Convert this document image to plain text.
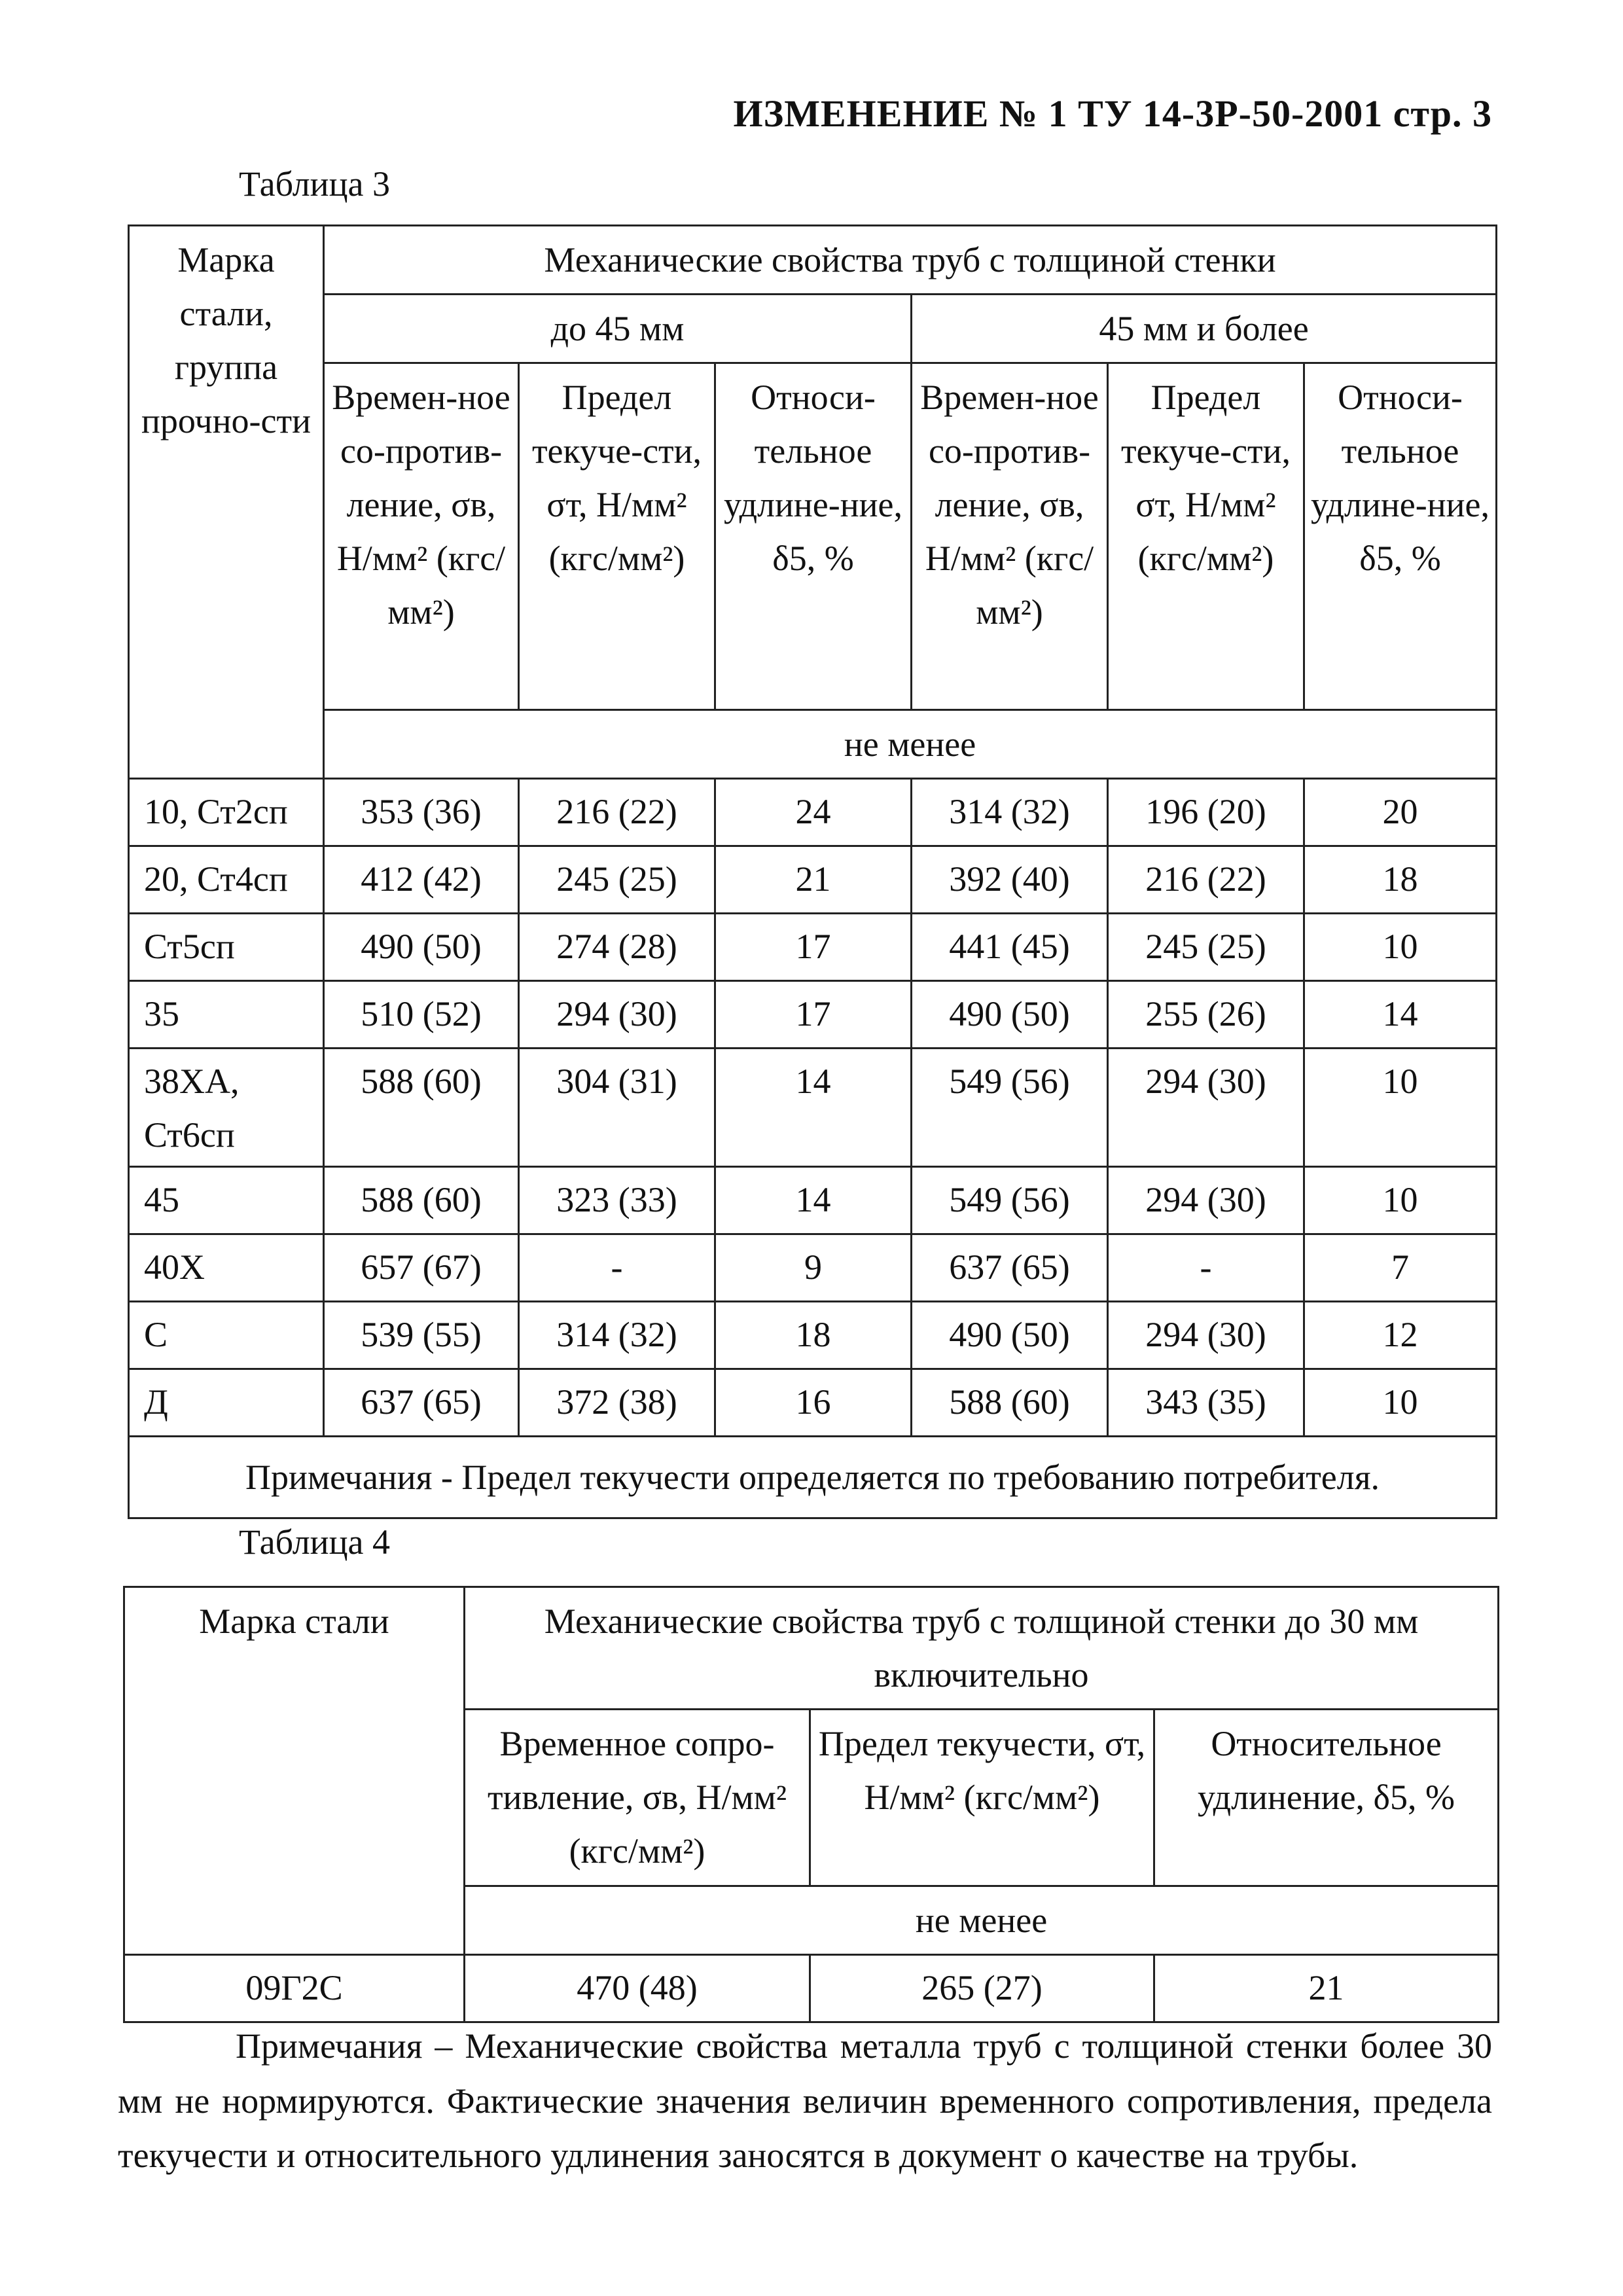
ИЗМЕНЕНИЕ № 1 ТУ 14-3Р-50-2001 стр. 3
Таблица 3
Марка стали, группа прочно-сти	Механические свойства труб с толщиной стенки					
	до 45 мм			45 мм и более		
	Времен-ное со-против-ление, σв, Н/мм² (кгс/мм²)	Предел текуче-сти, σт, Н/мм² (кгс/мм²)	Относи-тельное удлине-ние, δ5, %	Времен-ное со-против-ление, σв, Н/мм² (кгс/мм²)	Предел текуче-сти, σт, Н/мм² (кгс/мм²)	Относи-тельное удлине-ние, δ5, %
	не менее					
10, Ст2сп	353 (36)	216 (22)	24	314 (32)	196 (20)	20
20, Ст4сп	412 (42)	245 (25)	21	392 (40)	216 (22)	18
Ст5сп	490 (50)	274 (28)	17	441 (45)	245 (25)	10
35	510 (52)	294 (30)	17	490 (50)	255 (26)	14
38ХА, Ст6сп	588 (60)	304 (31)	14	549 (56)	294 (30)	10
45	588 (60)	323 (33)	14	549 (56)	294 (30)	10
40Х	657 (67)	-	9	637 (65)	-	7
С	539 (55)	314 (32)	18	490 (50)	294 (30)	12
Д	637 (65)	372 (38)	16	588 (60)	343 (35)	10
Примечания - Предел текучести определяется по требованию потребителя.						
Таблица 4
Марка стали	Механические свойства труб с толщиной стенки до 30 мм включительно		
	Временное сопро-тивление, σв, Н/мм² (кгс/мм²)	Предел текучести, σт, Н/мм² (кгс/мм²)	Относительное удлинение, δ5, %
	не менее		
09Г2С	470 (48)	265 (27)	21
Примечания – Механические свойства металла труб с толщиной стенки более 30 мм не нормируются. Фактические значения величин временного сопротивления, предела текучести и относительного удлинения заносятся в документ о качестве на трубы.
